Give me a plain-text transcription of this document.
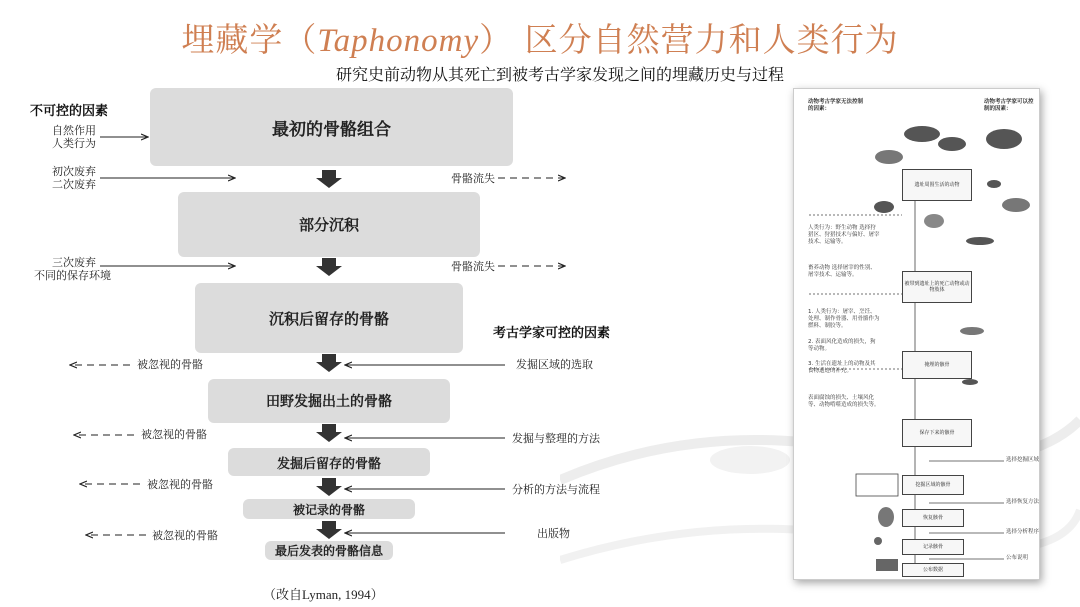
埋藏学（Taphonomy） 区分自然营力和人类行为
研究史前动物从其死亡到被考古学家发现之间的埋藏历史与过程
不可控的因素
考古学家可控的因素
自然作用
人类行为
初次废弃
二次废弃
三次废弃
不同的保存环境
最初的骨骼组合
部分沉积
沉积后留存的骨骼
田野发掘出土的骨骼
发掘后留存的骨骼
被记录的骨骼
最后发表的骨骼信息
骨骼流失
骨骼流失
被忽视的骨骼
被忽视的骨骼
被忽视的骨骼
被忽视的骨骼
发掘区域的选取
发掘与整理的方法
分析的方法与流程
出版物
（改自Lyman, 1994）
动物考古学家无法控制的因素：
动物考古学家可以控制的因素：
遗址周围生活的动物
被带到遗址上的死亡动物或动物肢体
掩埋的骸骨
保存下来的骸骨
挖掘区域的骸骨
恢复骸骨
记录骸骨
公布数据
人类行为：野生动物 选择狩猎区、狩猎技术与偏好、屠宰技术、运输等。
畜养动物 选择屠宰的性别、屠宰技术、运输等。
1. 人类行为：屠宰、烹饪、处理、制作骨器、用骨骼作为燃料、制胶等。
2. 表面风化造成的损失，狗等动物。
3. 生活在遗址上的动物及其食物遗迹的补充。
表面腐蚀的损失、土壤风化等、动物啃噬造成的损失等。
选择挖掘区域
选择恢复方法
选择分析程序
公布说明
